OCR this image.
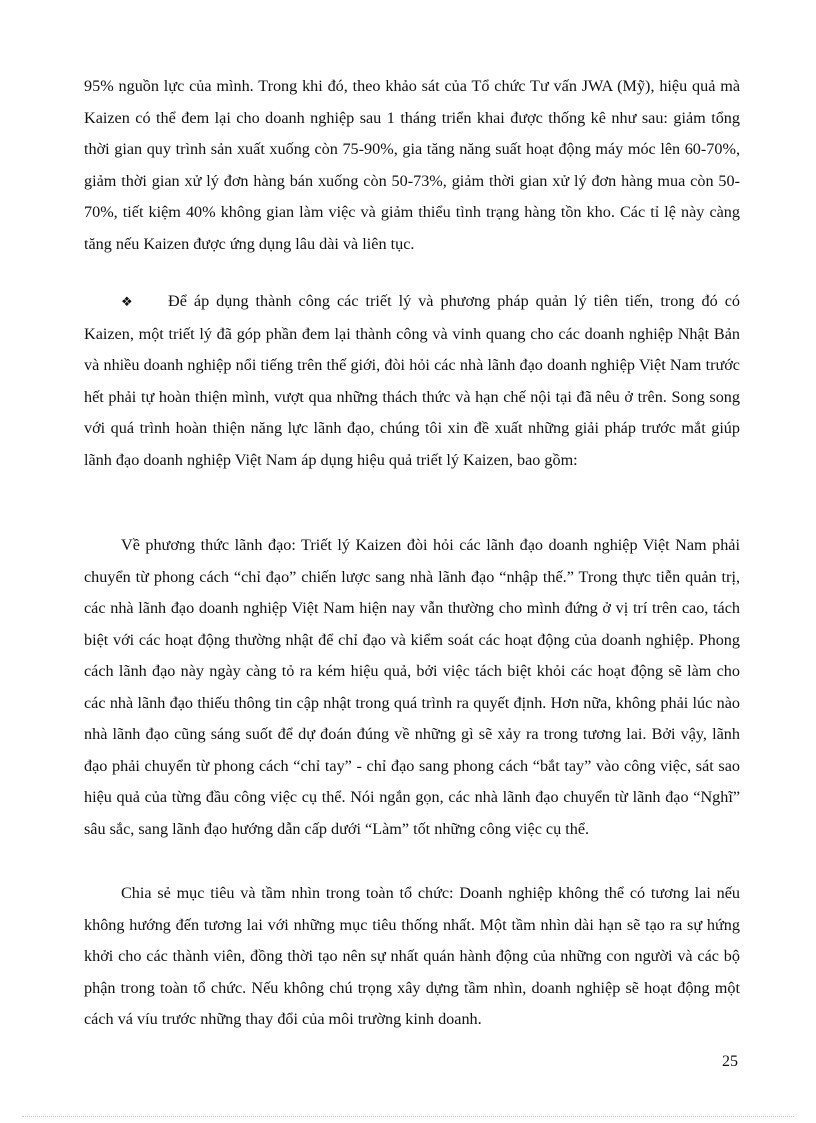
95% nguồn lực của mình. Trong khi đó, theo khảo sát của Tổ chức Tư vấn JWA (Mỹ), hiệu quả mà Kaizen có thể đem lại cho doanh nghiệp sau 1 tháng triển khai được thống kê như sau: giảm tổng thời gian quy trình sản xuất xuống còn 75-90%, gia tăng năng suất hoạt động máy móc lên 60-70%, giảm thời gian xử lý đơn hàng bán xuống còn 50-73%, giảm thời gian xử lý đơn hàng mua còn 50-70%, tiết kiệm 40% không gian làm việc và giảm thiểu tình trạng hàng tồn kho. Các tỉ lệ này càng tăng nếu Kaizen được ứng dụng lâu dài và liên tục.

❖ Để áp dụng thành công các triết lý và phương pháp quản lý tiên tiến, trong đó có Kaizen, một triết lý đã góp phần đem lại thành công và vinh quang cho các doanh nghiệp Nhật Bản và nhiều doanh nghiệp nổi tiếng trên thế giới, đòi hỏi các nhà lãnh đạo doanh nghiệp Việt Nam trước hết phải tự hoàn thiện mình, vượt qua những thách thức và hạn chế nội tại đã nêu ở trên. Song song với quá trình hoàn thiện năng lực lãnh đạo, chúng tôi xin đề xuất những giải pháp trước mắt giúp lãnh đạo doanh nghiệp Việt Nam áp dụng hiệu quả triết lý Kaizen, bao gồm:

Về phương thức lãnh đạo: Triết lý Kaizen đòi hỏi các lãnh đạo doanh nghiệp Việt Nam phải chuyển từ phong cách “chỉ đạo” chiến lược sang nhà lãnh đạo “nhập thế.” Trong thực tiễn quản trị, các nhà lãnh đạo doanh nghiệp Việt Nam hiện nay vẫn thường cho mình đứng ở vị trí trên cao, tách biệt với các hoạt động thường nhật để chỉ đạo và kiểm soát các hoạt động của doanh nghiệp. Phong cách lãnh đạo này ngày càng tỏ ra kém hiệu quả, bởi việc tách biệt khỏi các hoạt động sẽ làm cho các nhà lãnh đạo thiếu thông tin cập nhật trong quá trình ra quyết định. Hơn nữa, không phải lúc nào nhà lãnh đạo cũng sáng suốt để dự đoán đúng về những gì sẽ xảy ra trong tương lai. Bởi vậy, lãnh đạo phải chuyển từ phong cách “chỉ tay” - chỉ đạo sang phong cách “bắt tay” vào công việc, sát sao hiệu quả của từng đầu công việc cụ thể. Nói ngắn gọn, các nhà lãnh đạo chuyển từ lãnh đạo “Nghĩ” sâu sắc, sang lãnh đạo hướng dẫn cấp dưới “Làm” tốt những công việc cụ thể.

Chia sẻ mục tiêu và tầm nhìn trong toàn tổ chức: Doanh nghiệp không thể có tương lai nếu không hướng đến tương lai với những mục tiêu thống nhất. Một tầm nhìn dài hạn sẽ tạo ra sự hứng khởi cho các thành viên, đồng thời tạo nên sự nhất quán hành động của những con người và các bộ phận trong toàn tổ chức. Nếu không chú trọng xây dựng tầm nhìn, doanh nghiệp sẽ hoạt động một cách vá víu trước những thay đổi của môi trường kinh doanh.

25
